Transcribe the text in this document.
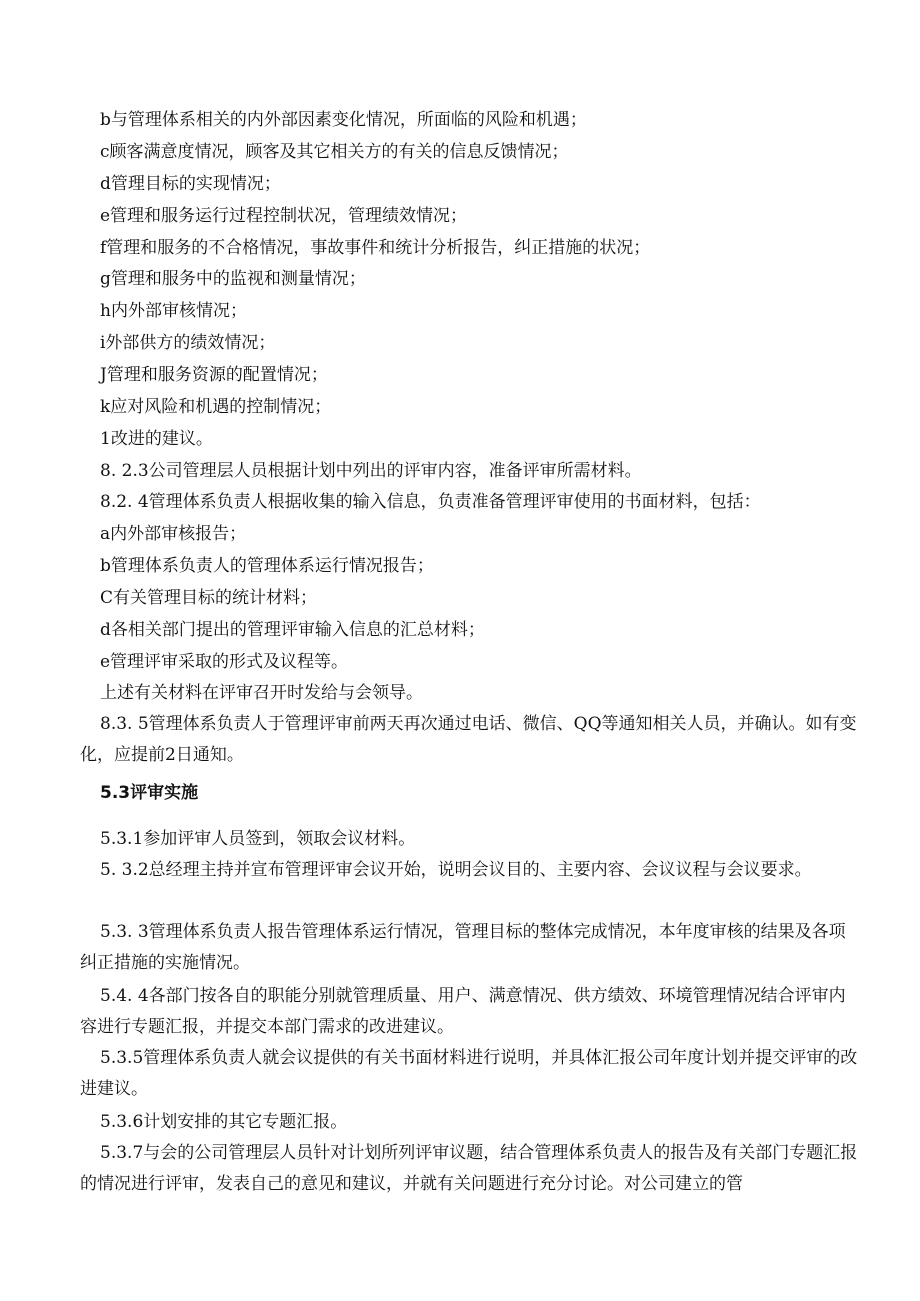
b与管理体系相关的内外部因素变化情况，所面临的风险和机遇；

c顾客满意度情况，顾客及其它相关方的有关的信息反馈情况；

d管理目标的实现情况；

e管理和服务运行过程控制状况，管理绩效情况；

f管理和服务的不合格情况，事故事件和统计分析报告，纠正措施的状况；

g管理和服务中的监视和测量情况；

h内外部审核情况；

i外部供方的绩效情况；

J管理和服务资源的配置情况；

k应对风险和机遇的控制情况；

1改进的建议。

8. 2.3公司管理层人员根据计划中列出的评审内容，准备评审所需材料。

8.2. 4管理体系负责人根据收集的输入信息，负责准备管理评审使用的书面材料，包括：

a内外部审核报告；

b管理体系负责人的管理体系运行情况报告；

C有关管理目标的统计材料；

d各相关部门提出的管理评审输入信息的汇总材料；

e管理评审采取的形式及议程等。

上述有关材料在评审召开时发给与会领导。

8.3. 5管理体系负责人于管理评审前两天再次通过电话、微信、QQ等通知相关人员，并确认。如有变化，应提前2日通知。

5.3评审实施

5.3.1参加评审人员签到，领取会议材料。

5. 3.2总经理主持并宣布管理评审会议开始，说明会议目的、主要内容、会议议程与会议要求。

5.3. 3管理体系负责人报告管理体系运行情况，管理目标的整体完成情况，本年度审核的结果及各项纠正措施的实施情况。

5.4. 4各部门按各自的职能分别就管理质量、用户、满意情况、供方绩效、环境管理情况结合评审内容进行专题汇报，并提交本部门需求的改进建议。

5.3.5管理体系负责人就会议提供的有关书面材料进行说明，并具体汇报公司年度计划并提交评审的改进建议。

5.3.6计划安排的其它专题汇报。

5.3.7与会的公司管理层人员针对计划所列评审议题，结合管理体系负责人的报告及有关部门专题汇报的情况进行评审，发表自己的意见和建议，并就有关问题进行充分讨论。对公司建立的管
